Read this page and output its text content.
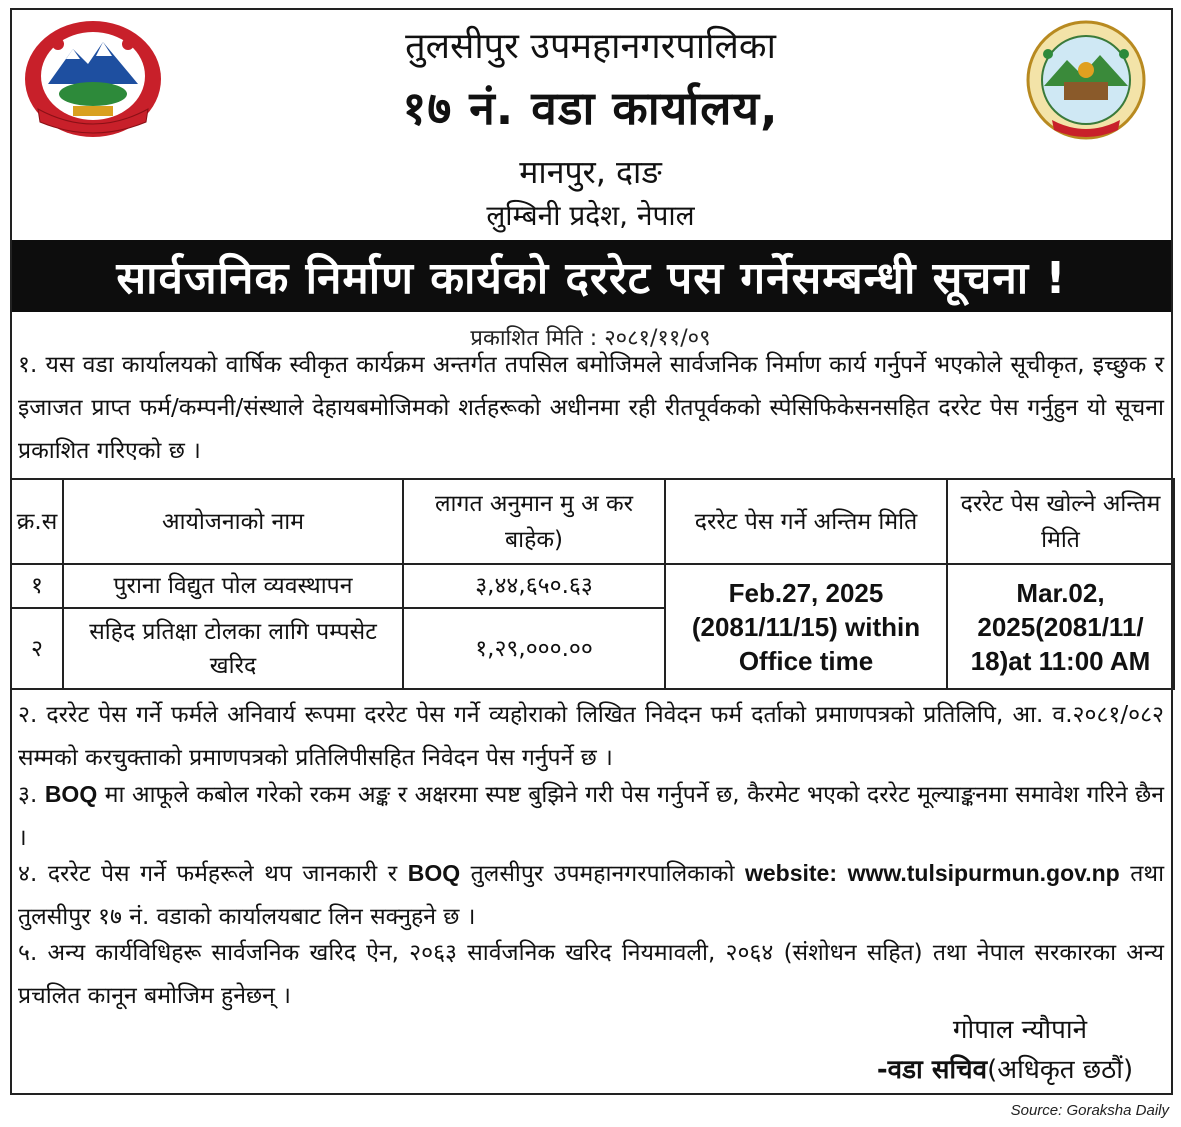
तुलसीपुर उपमहानगरपालिका
१७ नं. वडा कार्यालय,
मानपुर, दाङ
लुम्बिनी प्रदेश, नेपाल
सार्वजनिक निर्माण कार्यको दररेट पस गर्नेसम्बन्धी सूचना !
प्रकाशित मिति : २०८१/११/०९
१. यस वडा कार्यालयको वार्षिक स्वीकृत कार्यक्रम अन्तर्गत तपसिल बमोजिमले सार्वजनिक निर्माण कार्य गर्नुपर्ने भएकोले सूचीकृत, इच्छुक र इजाजत प्राप्त फर्म/कम्पनी/संस्थाले देहायबमोजिमको शर्तहरूको अधीनमा रही रीतपूर्वकको स्पेसिफिकेसनसहित दररेट पेस गर्नुहुन यो सूचना प्रकाशित गरिएको छ ।
क्र.स	आयोजनाको नाम	लागत अनुमान मु अ कर बाहेक)	दररेट पेस गर्ने अन्तिम मिति	दररेट पेस खोल्ने अन्तिम मिति
१	पुराना विद्युत पोल व्यवस्थापन	३,४४,६५०.६३	Feb.27, 2025 (2081/11/15) within Office time	Mar.02, 2025(2081/11/ 18)at 11:00 AM
२	सहिद प्रतिक्षा टोलका लागि पम्पसेट खरिद	१,२९,०००.००		
२. दररेट पेस गर्ने फर्मले अनिवार्य रूपमा दररेट पेस गर्ने व्यहोराको लिखित निवेदन फर्म दर्ताको प्रमाणपत्रको प्रतिलिपि, आ. व.२०८१/०८२ सम्मको करचुक्ताको प्रमाणपत्रको प्रतिलिपीसहित निवेदन पेस गर्नुपर्ने छ ।
३. BOQ मा आफूले कबोल गरेको रकम अङ्क र अक्षरमा स्पष्ट बुझिने गरी पेस गर्नुपर्ने छ, कैरमेट भएको दररेट मूल्याङ्कनमा समावेश गरिने छैन ।
४. दररेट पेस गर्ने फर्महरूले थप जानकारी र BOQ तुलसीपुर उपमहानगरपालिकाको website: www.tulsipurmun.gov.np तथा तुलसीपुर १७ नं. वडाको कार्यालयबाट लिन सक्नुहने छ ।
५. अन्य कार्यविधिहरू सार्वजनिक खरिद ऐन, २०६३ सार्वजनिक खरिद नियमावली, २०६४ (संशोधन सहित) तथा नेपाल सरकारका अन्य प्रचलित कानून बमोजिम हुनेछन् ।
गोपाल न्यौपाने
-वडा सचिव(अधिकृत छठौं)
Source: Goraksha Daily
